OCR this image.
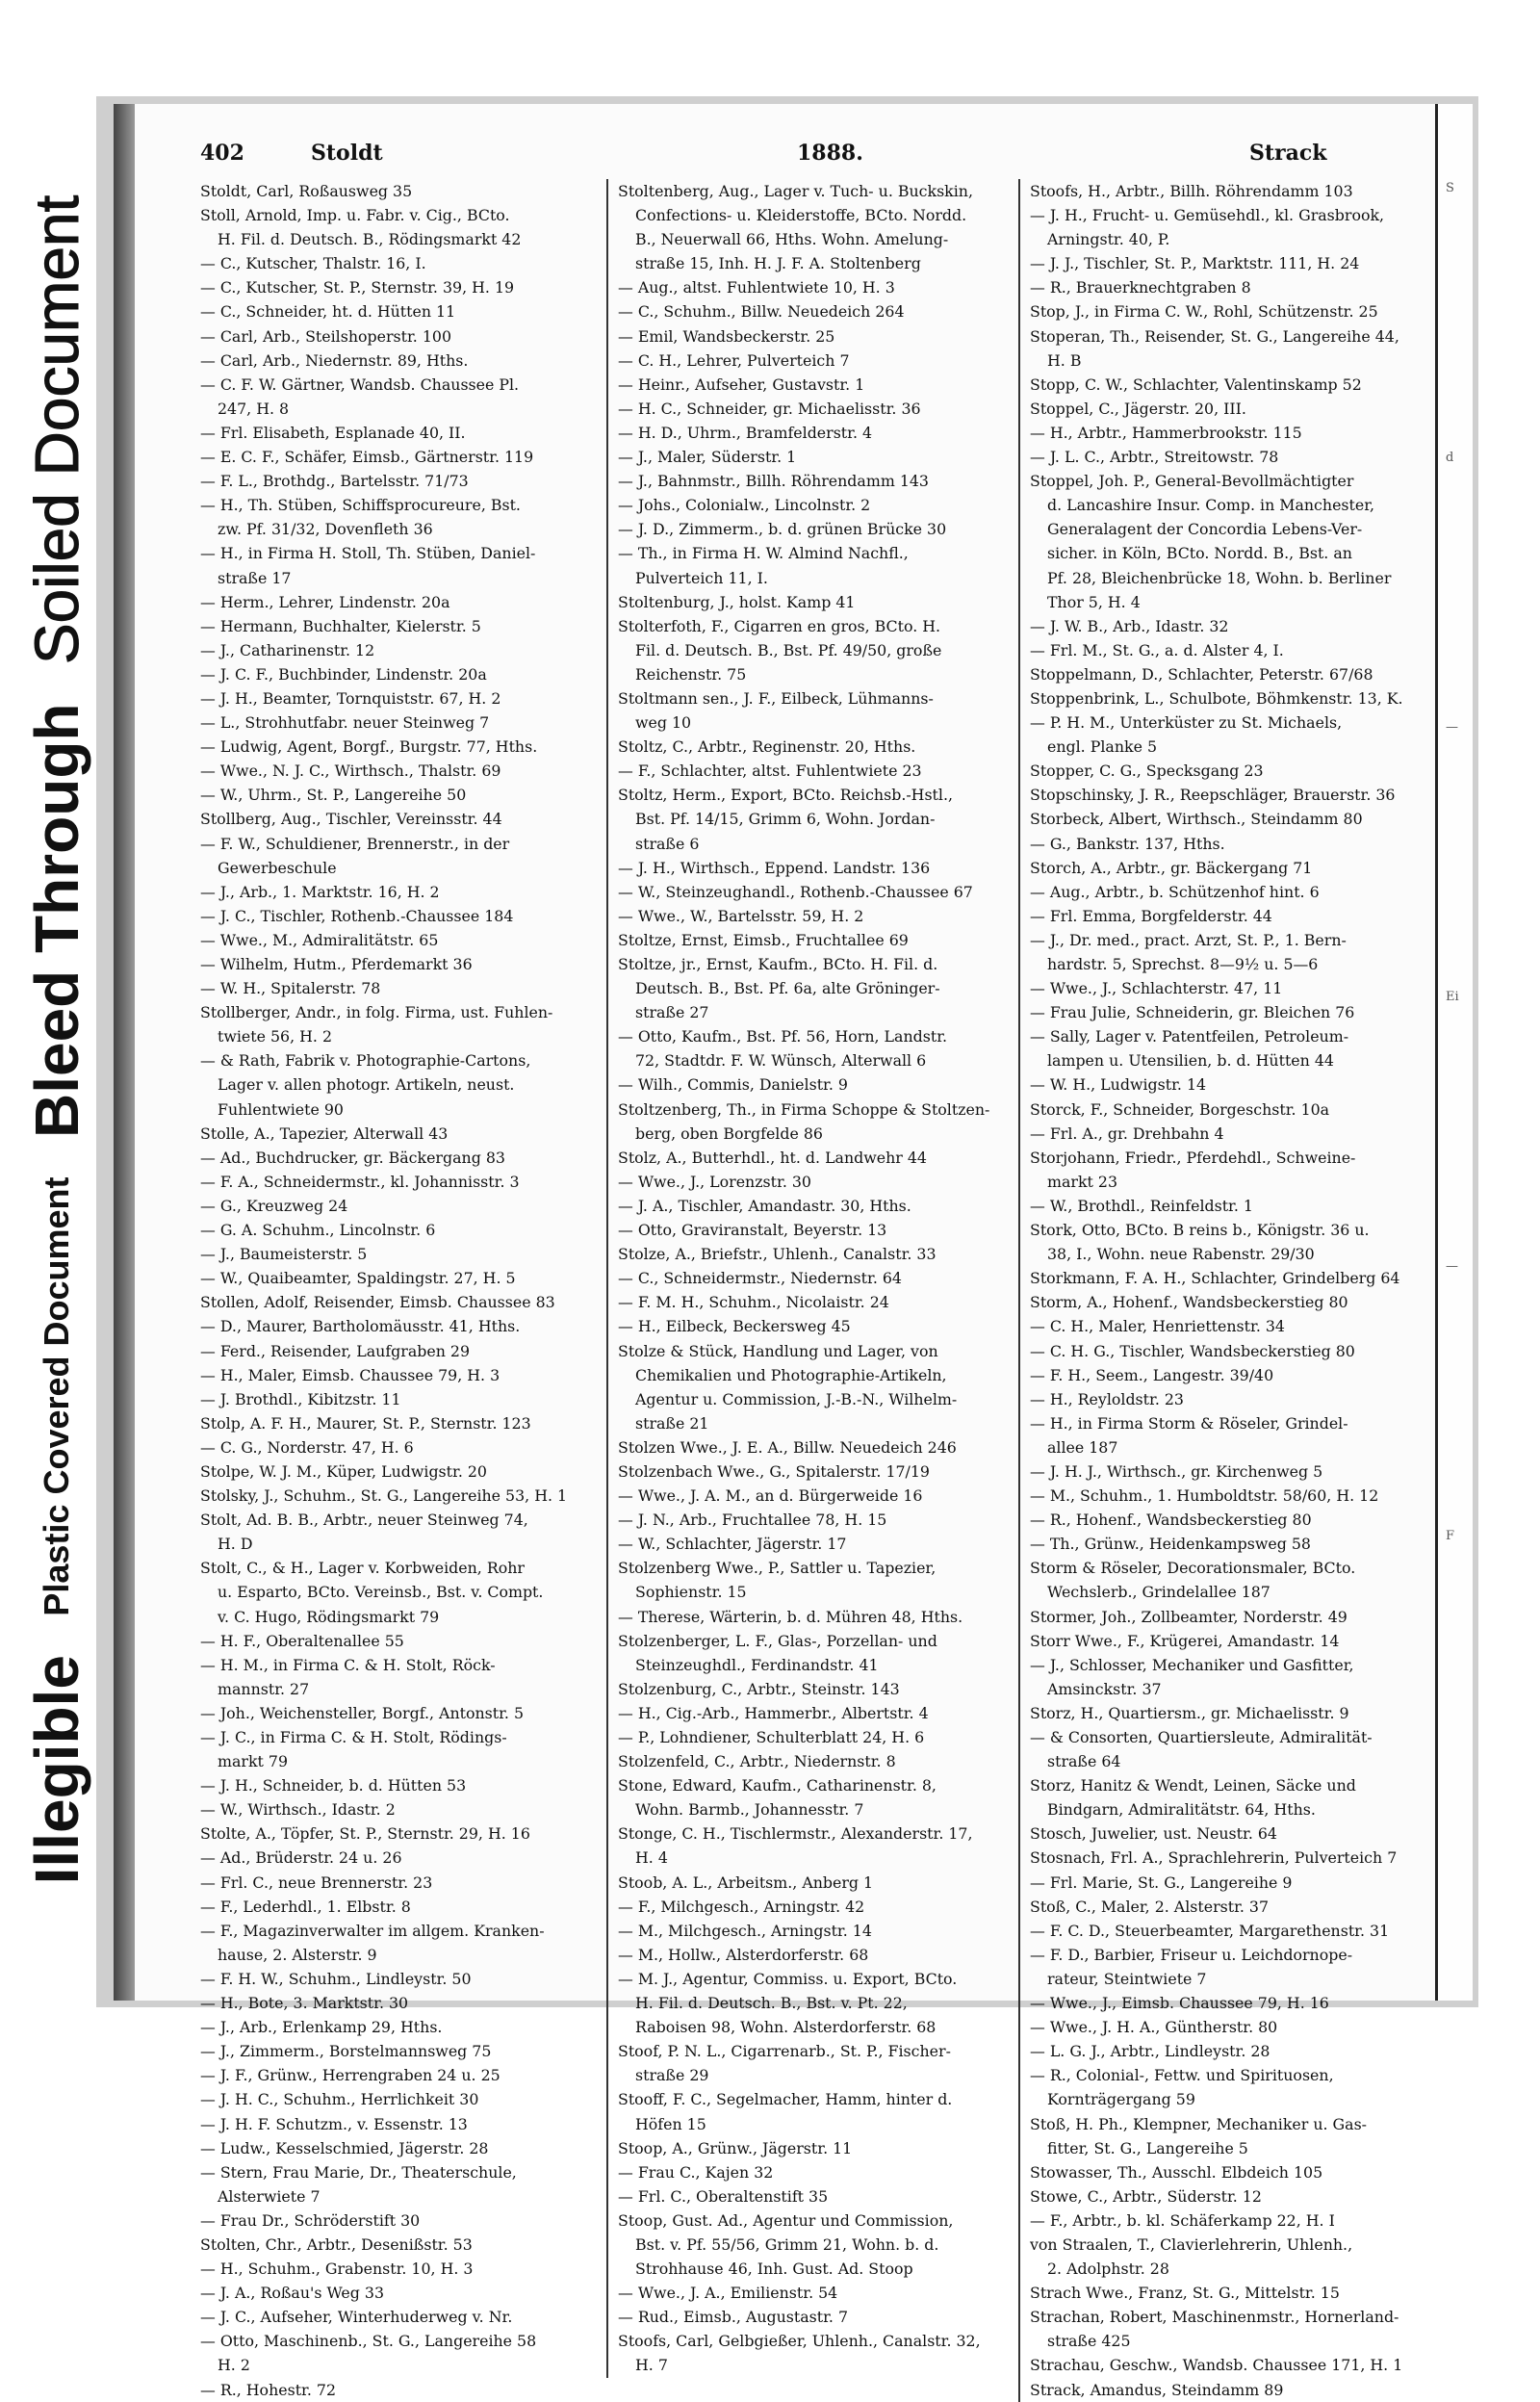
Illegible Plastic Covered Document Bleed Through Soiled Document
402	Stoldt	1888.	Strack
Stoldt, Carl, Roßausweg 35
Stoll, Arnold, Imp. u. Fabr. v. Cig., BCto.
H. Fil. d. Deutsch. B., Rödingsmarkt 42
— C., Kutscher, Thalstr. 16, I.
— C., Kutscher, St. P., Sternstr. 39, H. 19
— C., Schneider, ht. d. Hütten 11
— Carl, Arb., Steilshoperstr. 100
— Carl, Arb., Niedernstr. 89, Hths.
— C. F. W. Gärtner, Wandsb. Chaussee Pl.
247, H. 8
— Frl. Elisabeth, Esplanade 40, II.
— E. C. F., Schäfer, Eimsb., Gärtnerstr. 119
— F. L., Brothdg., Bartelsstr. 71/73
— H., Th. Stüben, Schiffsprocureure, Bst.
zw. Pf. 31/32, Dovenfleth 36
— H., in Firma H. Stoll, Th. Stüben, Daniel-
straße 17
— Herm., Lehrer, Lindenstr. 20a
— Hermann, Buchhalter, Kielerstr. 5
— J., Catharinenstr. 12
— J. C. F., Buchbinder, Lindenstr. 20a
— J. H., Beamter, Tornquiststr. 67, H. 2
— L., Strohhutfabr. neuer Steinweg 7
— Ludwig, Agent, Borgf., Burgstr. 77, Hths.
— Wwe., N. J. C., Wirthsch., Thalstr. 69
— W., Uhrm., St. P., Langereihe 50
Stollberg, Aug., Tischler, Vereinsstr. 44
— F. W., Schuldiener, Brennerstr., in der
Gewerbeschule
— J., Arb., 1. Marktstr. 16, H. 2
— J. C., Tischler, Rothenb.-Chaussee 184
— Wwe., M., Admiralitätstr. 65
— Wilhelm, Hutm., Pferdemarkt 36
— W. H., Spitalerstr. 78
Stollberger, Andr., in folg. Firma, ust. Fuhlen-
twiete 56, H. 2
— & Rath, Fabrik v. Photographie-Cartons,
Lager v. allen photogr. Artikeln, neust.
Fuhlentwiete 90
Stolle, A., Tapezier, Alterwall 43
— Ad., Buchdrucker, gr. Bäckergang 83
— F. A., Schneidermstr., kl. Johannisstr. 3
— G., Kreuzweg 24
— G. A. Schuhm., Lincolnstr. 6
— J., Baumeisterstr. 5
— W., Quaibeamter, Spaldingstr. 27, H. 5
Stollen, Adolf, Reisender, Eimsb. Chaussee 83
— D., Maurer, Bartholomäusstr. 41, Hths.
— Ferd., Reisender, Laufgraben 29
— H., Maler, Eimsb. Chaussee 79, H. 3
— J. Brothdl., Kibitzstr. 11
Stolp, A. F. H., Maurer, St. P., Sternstr. 123
— C. G., Norderstr. 47, H. 6
Stolpe, W. J. M., Küper, Ludwigstr. 20
Stolsky, J., Schuhm., St. G., Langereihe 53, H. 1
Stolt, Ad. B. B., Arbtr., neuer Steinweg 74,
H. D
Stolt, C., & H., Lager v. Korbweiden, Rohr
u. Esparto, BCto. Vereinsb., Bst. v. Compt.
v. C. Hugo, Rödingsmarkt 79
— H. F., Oberaltenallee 55
— H. M., in Firma C. & H. Stolt, Röck-
mannstr. 27
— Joh., Weichensteller, Borgf., Antonstr. 5
— J. C., in Firma C. & H. Stolt, Rödings-
markt 79
— J. H., Schneider, b. d. Hütten 53
— W., Wirthsch., Idastr. 2
Stolte, A., Töpfer, St. P., Sternstr. 29, H. 16
— Ad., Brüderstr. 24 u. 26
— Frl. C., neue Brennerstr. 23
— F., Lederhdl., 1. Elbstr. 8
— F., Magazinverwalter im allgem. Kranken-
hause, 2. Alsterstr. 9
— F. H. W., Schuhm., Lindleystr. 50
— H., Bote, 3. Marktstr. 30
— J., Arb., Erlenkamp 29, Hths.
— J., Zimmerm., Borstelmannsweg 75
— J. F., Grünw., Herrengraben 24 u. 25
— J. H. C., Schuhm., Herrlichkeit 30
— J. H. F. Schutzm., v. Essenstr. 13
— Ludw., Kesselschmied, Jägerstr. 28
— Stern, Frau Marie, Dr., Theaterschule,
Alsterwiete 7
— Frau Dr., Schröderstift 30
Stolten, Chr., Arbtr., Desenißstr. 53
— H., Schuhm., Grabenstr. 10, H. 3
— J. A., Roßau's Weg 33
— J. C., Aufseher, Winterhuderweg v. Nr.
— Otto, Maschinenb., St. G., Langereihe 58
H. 2
— R., Hohestr. 72
Stoltenberg, Aug., Lager v. Tuch- u. Buckskin,
Confections- u. Kleiderstoffe, BCto. Nordd.
B., Neuerwall 66, Hths. Wohn. Amelung-
straße 15, Inh. H. J. F. A. Stoltenberg
— Aug., altst. Fuhlentwiete 10, H. 3
— C., Schuhm., Billw. Neuedeich 264
— Emil, Wandsbeckerstr. 25
— C. H., Lehrer, Pulverteich 7
— Heinr., Aufseher, Gustavstr. 1
— H. C., Schneider, gr. Michaelisstr. 36
— H. D., Uhrm., Bramfelderstr. 4
— J., Maler, Süderstr. 1
— J., Bahnmstr., Billh. Röhrendamm 143
— Johs., Colonialw., Lincolnstr. 2
— J. D., Zimmerm., b. d. grünen Brücke 30
— Th., in Firma H. W. Almind Nachfl.,
Pulverteich 11, I.
Stoltenburg, J., holst. Kamp 41
Stolterfoth, F., Cigarren en gros, BCto. H.
Fil. d. Deutsch. B., Bst. Pf. 49/50, große
Reichenstr. 75
Stoltmann sen., J. F., Eilbeck, Lühmanns-
weg 10
Stoltz, C., Arbtr., Reginenstr. 20, Hths.
— F., Schlachter, altst. Fuhlentwiete 23
Stoltz, Herm., Export, BCto. Reichsb.-Hstl.,
Bst. Pf. 14/15, Grimm 6, Wohn. Jordan-
straße 6
— J. H., Wirthsch., Eppend. Landstr. 136
— W., Steinzeughandl., Rothenb.-Chaussee 67
— Wwe., W., Bartelsstr. 59, H. 2
Stoltze, Ernst, Eimsb., Fruchtallee 69
Stoltze, jr., Ernst, Kaufm., BCto. H. Fil. d.
Deutsch. B., Bst. Pf. 6a, alte Gröninger-
straße 27
— Otto, Kaufm., Bst. Pf. 56, Horn, Landstr.
72, Stadtdr. F. W. Wünsch, Alterwall 6
— Wilh., Commis, Danielstr. 9
Stoltzenberg, Th., in Firma Schoppe & Stoltzen-
berg, oben Borgfelde 86
Stolz, A., Butterhdl., ht. d. Landwehr 44
— Wwe., J., Lorenzstr. 30
— J. A., Tischler, Amandastr. 30, Hths.
— Otto, Graviranstalt, Beyerstr. 13
Stolze, A., Briefstr., Uhlenh., Canalstr. 33
— C., Schneidermstr., Niedernstr. 64
— F. M. H., Schuhm., Nicolaistr. 24
— H., Eilbeck, Beckersweg 45
Stolze & Stück, Handlung und Lager, von
Chemikalien und Photographie-Artikeln,
Agentur u. Commission, J.-B.-N., Wilhelm-
straße 21
Stolzen Wwe., J. E. A., Billw. Neuedeich 246
Stolzenbach Wwe., G., Spitalerstr. 17/19
— Wwe., J. A. M., an d. Bürgerweide 16
— J. N., Arb., Fruchtallee 78, H. 15
— W., Schlachter, Jägerstr. 17
Stolzenberg Wwe., P., Sattler u. Tapezier,
Sophienstr. 15
— Therese, Wärterin, b. d. Mühren 48, Hths.
Stolzenberger, L. F., Glas-, Porzellan- und
Steinzeughdl., Ferdinandstr. 41
Stolzenburg, C., Arbtr., Steinstr. 143
— H., Cig.-Arb., Hammerbr., Albertstr. 4
— P., Lohndiener, Schulterblatt 24, H. 6
Stolzenfeld, C., Arbtr., Niedernstr. 8
Stone, Edward, Kaufm., Catharinenstr. 8,
Wohn. Barmb., Johannesstr. 7
Stonge, C. H., Tischlermstr., Alexanderstr. 17,
H. 4
Stoob, A. L., Arbeitsm., Anberg 1
— F., Milchgesch., Arningstr. 42
— M., Milchgesch., Arningstr. 14
— M., Hollw., Alsterdorferstr. 68
— M. J., Agentur, Commiss. u. Export, BCto.
H. Fil. d. Deutsch. B., Bst. v. Pt. 22,
Raboisen 98, Wohn. Alsterdorferstr. 68
Stoof, P. N. L., Cigarrenarb., St. P., Fischer-
straße 29
Stooff, F. C., Segelmacher, Hamm, hinter d.
Höfen 15
Stoop, A., Grünw., Jägerstr. 11
— Frau C., Kajen 32
— Frl. C., Oberaltenstift 35
Stoop, Gust. Ad., Agentur und Commission,
Bst. v. Pf. 55/56, Grimm 21, Wohn. b. d.
Strohhause 46, Inh. Gust. Ad. Stoop
— Wwe., J. A., Emilienstr. 54
— Rud., Eimsb., Augustastr. 7
Stoofs, Carl, Gelbgießer, Uhlenh., Canalstr. 32,
H. 7
Stoofs, H., Arbtr., Billh. Röhrendamm 103
— J. H., Frucht- u. Gemüsehdl., kl. Grasbrook,
Arningstr. 40, P.
— J. J., Tischler, St. P., Marktstr. 111, H. 24
— R., Brauerknechtgraben 8
Stop, J., in Firma C. W., Rohl, Schützenstr. 25
Stoperan, Th., Reisender, St. G., Langereihe 44,
H. B
Stopp, C. W., Schlachter, Valentinskamp 52
Stoppel, C., Jägerstr. 20, III.
— H., Arbtr., Hammerbrookstr. 115
— J. L. C., Arbtr., Streitowstr. 78
Stoppel, Joh. P., General-Bevollmächtigter
d. Lancashire Insur. Comp. in Manchester,
Generalagent der Concordia Lebens-Ver-
sicher. in Köln, BCto. Nordd. B., Bst. an
Pf. 28, Bleichenbrücke 18, Wohn. b. Berliner
Thor 5, H. 4
— J. W. B., Arb., Idastr. 32
— Frl. M., St. G., a. d. Alster 4, I.
Stoppelmann, D., Schlachter, Peterstr. 67/68
Stoppenbrink, L., Schulbote, Böhmkenstr. 13, K.
— P. H. M., Unterküster zu St. Michaels,
engl. Planke 5
Stopper, C. G., Specksgang 23
Stopschinsky, J. R., Reepschläger, Brauerstr. 36
Storbeck, Albert, Wirthsch., Steindamm 80
— G., Bankstr. 137, Hths.
Storch, A., Arbtr., gr. Bäckergang 71
— Aug., Arbtr., b. Schützenhof hint. 6
— Frl. Emma, Borgfelderstr. 44
— J., Dr. med., pract. Arzt, St. P., 1. Bern-
hardstr. 5, Sprechst. 8—9½ u. 5—6
— Wwe., J., Schlachterstr. 47, 11
— Frau Julie, Schneiderin, gr. Bleichen 76
— Sally, Lager v. Patentfeilen, Petroleum-
lampen u. Utensilien, b. d. Hütten 44
— W. H., Ludwigstr. 14
Storck, F., Schneider, Borgeschstr. 10a
— Frl. A., gr. Drehbahn 4
Storjohann, Friedr., Pferdehdl., Schweine-
markt 23
— W., Brothdl., Reinfeldstr. 1
Stork, Otto, BCto. B reins b., Königstr. 36 u.
38, I., Wohn. neue Rabenstr. 29/30
Storkmann, F. A. H., Schlachter, Grindelberg 64
Storm, A., Hohenf., Wandsbeckerstieg 80
— C. H., Maler, Henriettenstr. 34
— C. H. G., Tischler, Wandsbeckerstieg 80
— F. H., Seem., Langestr. 39/40
— H., Reyloldstr. 23
— H., in Firma Storm & Röseler, Grindel-
allee 187
— J. H. J., Wirthsch., gr. Kirchenweg 5
— M., Schuhm., 1. Humboldtstr. 58/60, H. 12
— R., Hohenf., Wandsbeckerstieg 80
— Th., Grünw., Heidenkampsweg 58
Storm & Röseler, Decorationsmaler, BCto.
Wechslerb., Grindelallee 187
Stormer, Joh., Zollbeamter, Norderstr. 49
Storr Wwe., F., Krügerei, Amandastr. 14
— J., Schlosser, Mechaniker und Gasfitter,
Amsinckstr. 37
Storz, H., Quartiersm., gr. Michaelisstr. 9
— & Consorten, Quartiersleute, Admiralität-
straße 64
Storz, Hanitz & Wendt, Leinen, Säcke und
Bindgarn, Admiralitätstr. 64, Hths.
Stosch, Juwelier, ust. Neustr. 64
Stosnach, Frl. A., Sprachlehrerin, Pulverteich 7
— Frl. Marie, St. G., Langereihe 9
Stoß, C., Maler, 2. Alsterstr. 37
— F. C. D., Steuerbeamter, Margarethenstr. 31
— F. D., Barbier, Friseur u. Leichdornope-
rateur, Steintwiete 7
— Wwe., J., Eimsb. Chaussee 79, H. 16
— Wwe., J. H. A., Güntherstr. 80
— L. G. J., Arbtr., Lindleystr. 28
— R., Colonial-, Fettw. und Spirituosen,
Kornträgergang 59
Stoß, H. Ph., Klempner, Mechaniker u. Gas-
fitter, St. G., Langereihe 5
Stowasser, Th., Ausschl. Elbdeich 105
Stowe, C., Arbtr., Süderstr. 12
— F., Arbtr., b. kl. Schäferkamp 22, H. I
von Straalen, T., Clavierlehrerin, Uhlenh.,
2. Adolphstr. 28
Strach Wwe., Franz, St. G., Mittelstr. 15
Strachan, Robert, Maschinenmstr., Hornerland-
straße 425
Strachau, Geschw., Wandsb. Chaussee 171, H. 1
Strack, Amandus, Steindamm 89
S
d
—
Ei
—
F
